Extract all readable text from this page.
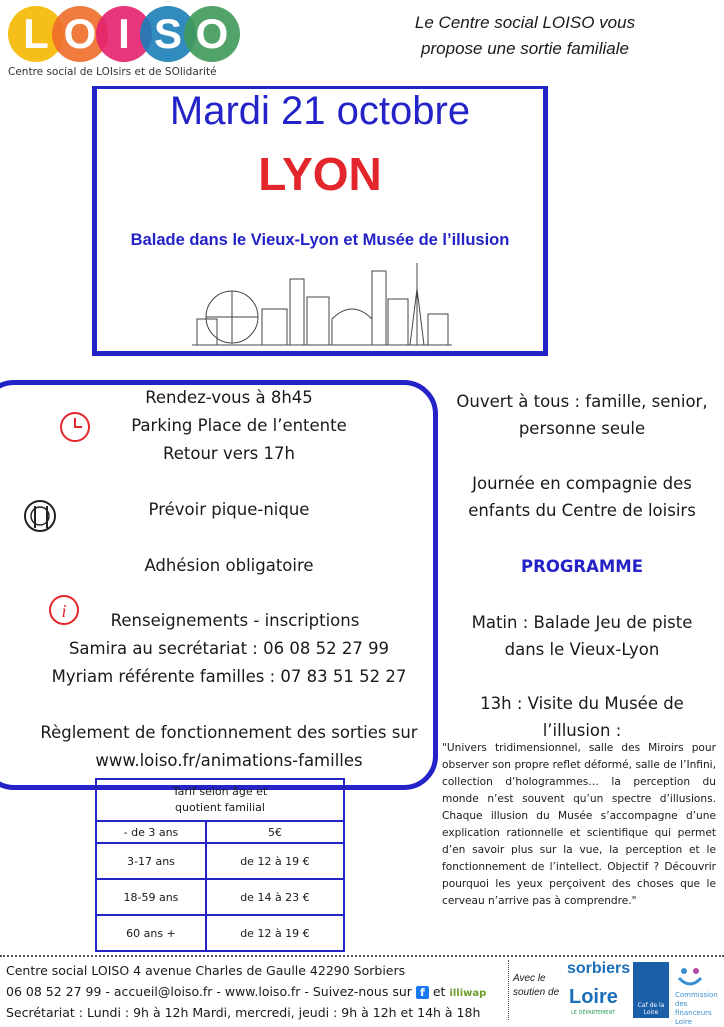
L O I S O
Centre social de LOIsirs et de SOlidarité
Le Centre social LOISO vous
propose une sortie familiale
Mardi 21 octobre
LYON
Balade dans le Vieux-Lyon et Musée de l’illusion
Rendez-vous à 8h45
Parking Place de l’entente
Retour vers 17h
Prévoir pique-nique
Adhésion obligatoire
i	Renseignements - inscriptions
Samira au secrétariat : 06 08 52 27 99
Myriam référente familles : 07 83 51 52 27
Règlement de fonctionnement des sorties sur
www.loiso.fr/animations-familles
Ouvert à tous : famille, senior,
personne seule
Journée en compagnie des
enfants du Centre de loisirs
PROGRAMME
Matin : Balade Jeu de piste
dans le Vieux-Lyon
13h : Visite du Musée de
l’illusion :
"Univers tridimensionnel, salle des Miroirs pour observer son propre reflet déformé, salle de l’Infini, collection d’hologrammes… la perception du monde n’est souvent qu’un spectre d’illusions. Chaque illusion du Musée s’accompagne d’une explication rationnelle et scientifique qui permet d’en savoir plus sur la vue, la perception et le fonctionnement de l’intellect. Objectif ? Découvrir pourquoi les yeux perçoivent des choses que le cerveau n’arrive pas à comprendre."
Tarif selon âge et
quotient familial	

- de 3 ans	5€
3-17 ans	de 12 à 19 €
18-59 ans	de 14 à 23 €
60 ans +	de 12 à 19 €
Centre social LOISO 4 avenue Charles de Gaulle 42290 Sorbiers
06 08 52 27 99 - accueil@loiso.fr - www.loiso.fr - Suivez-nous sur f et illiwap
Secrétariat : Lundi : 9h à 12h Mardi, mercredi, jeudi : 9h à 12h et 14h à 18h
Avec le
soutien de
sorbiers
Loire
LE DÉPARTEMENT
Caf de la Loire
Commission
des financeurs
Loire
